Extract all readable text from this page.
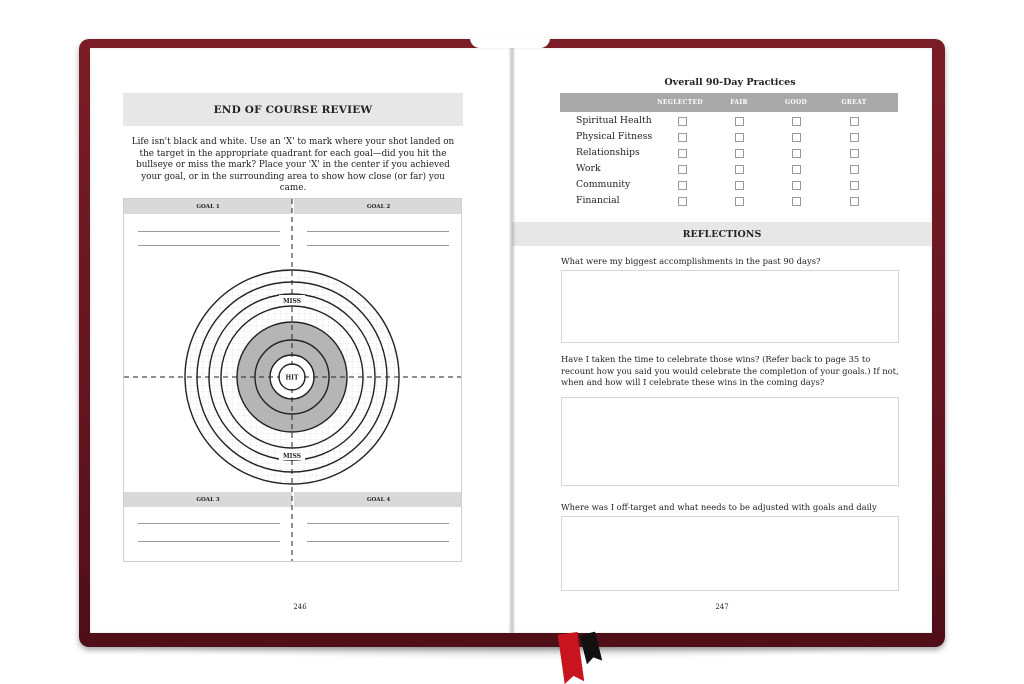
END OF COURSE REVIEW
Life isn't black and white. Use an 'X' to mark where your shot landed on the target in the appropriate quadrant for each goal—did you hit the bullseye or miss the mark? Place your 'X' in the center if you achieved your goal, or in the surrounding area to show how close (or far) you came.
GOAL 1	GOAL 2
GOAL 3	GOAL 4
MISS
HIT
MISS
246
Overall 90-Day Practices
NEGLECTED	FAIR	GOOD	GREAT
Spiritual Health
Physical Fitness
Relationships
Work
Community
Financial
REFLECTIONS
What were my biggest accomplishments in the past 90 days?
Have I taken the time to celebrate those wins? (Refer back to page 35 to recount how you said you would celebrate the completion of your goals.) If not, when and how will I celebrate these wins in the coming days?
Where was I off-target and what needs to be adjusted with goals and daily
247
